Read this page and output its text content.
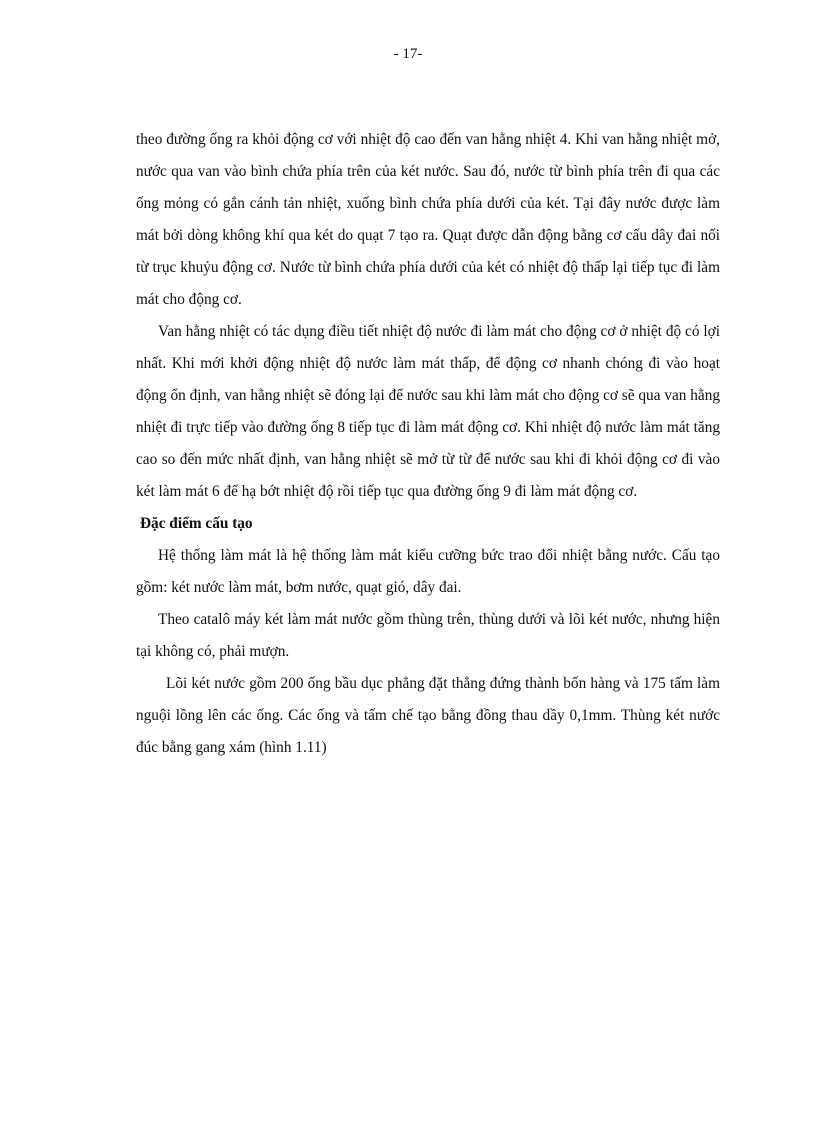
- 17-

theo đường ống ra khỏi động cơ với nhiệt độ cao đến van hằng nhiệt 4. Khi van hằng nhiệt mở, nước qua van vào bình chứa phía trên của két nước. Sau đó, nước từ bình phía trên đi qua các ống mỏng có gắn cánh tản nhiệt, xuống bình chứa phía dưới của két. Tại đây nước được làm mát bởi dòng không khí qua két do quạt 7 tạo ra. Quạt được dẫn động bằng cơ cấu dây đai nối từ trục khuỷu động cơ. Nước từ bình chứa phía dưới của két có nhiệt độ thấp lại tiếp tục đi làm mát cho động cơ.

Van hằng nhiệt có tác dụng điều tiết nhiệt độ nước đi làm mát cho động cơ ở nhiệt độ có lợi nhất. Khi mới khởi động nhiệt độ nước làm mát thấp, để động cơ nhanh chóng đi vào hoạt động ổn định, van hằng nhiệt sẽ đóng lại để nước sau khi làm mát cho động cơ sẽ qua van hằng nhiệt đi trực tiếp vào đường ống 8 tiếp tục đi làm mát động cơ. Khi nhiệt độ nước làm mát tăng cao so đến mức nhất định, van hằng nhiệt sẽ mở từ từ để nước sau khi đi khỏi động cơ đi vào két làm mát 6 để hạ bớt nhiệt độ rồi tiếp tục qua đường ống 9 đi làm mát động cơ.

Đặc điểm cấu tạo

Hệ thống làm mát là hệ thống làm mát kiểu cưỡng bức trao đổi nhiệt bằng nước. Cấu tạo gồm: két nước làm mát, bơm nước, quạt gió, dây đai.

Theo catalô máy két làm mát nước gồm thùng trên, thùng dưới và lõi két nước, nhưng hiện tại không có, phải mượn.

Lõi két nước gồm 200 ống bầu dục phẳng đặt thẳng đứng thành bốn hàng và 175 tấm làm nguội lồng lên các ống. Các ống và tấm chế tạo bằng đồng thau dầy 0,1mm. Thùng két nước đúc bằng gang xám (hình 1.11)
